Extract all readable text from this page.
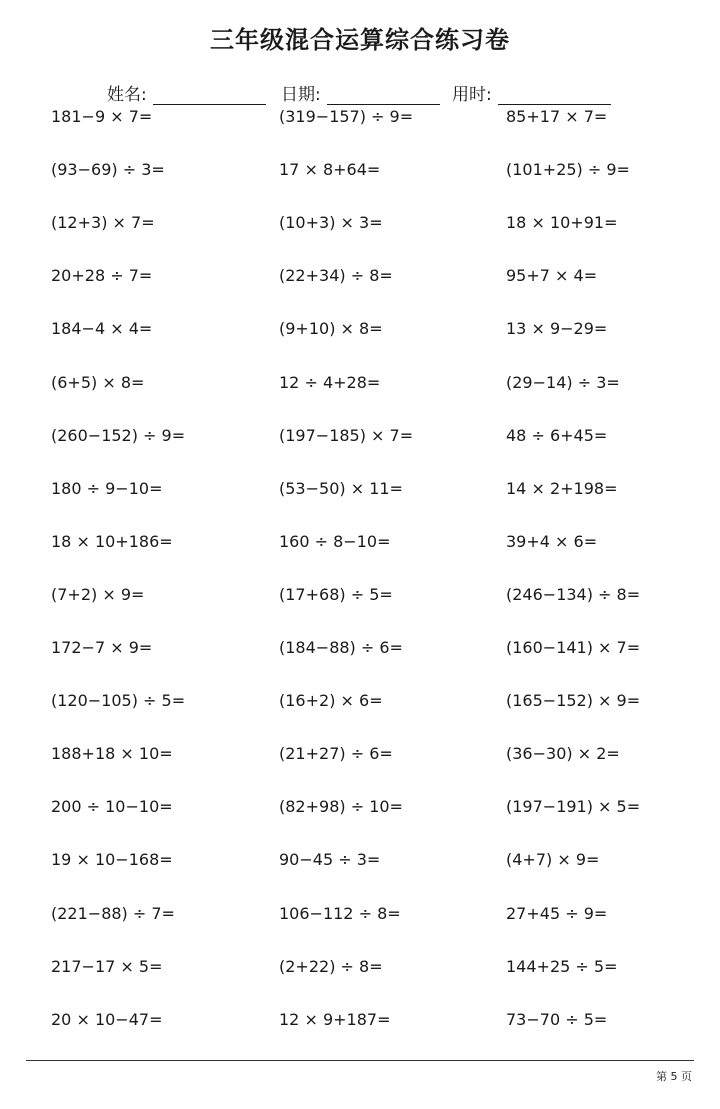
三年级混合运算综合练习卷
姓名:	日期:	用时:
181−9 × 7=	(319−157) ÷ 9=	85+17 × 7=
(93−69) ÷ 3=	17 × 8+64=	(101+25) ÷ 9=
(12+3) × 7=	(10+3) × 3=	18 × 10+91=
20+28 ÷ 7=	(22+34) ÷ 8=	95+7 × 4=
184−4 × 4=	(9+10) × 8=	13 × 9−29=
(6+5) × 8=	12 ÷ 4+28=	(29−14) ÷ 3=
(260−152) ÷ 9=	(197−185) × 7=	48 ÷ 6+45=
180 ÷ 9−10=	(53−50) × 11=	14 × 2+198=
18 × 10+186=	160 ÷ 8−10=	39+4 × 6=
(7+2) × 9=	(17+68) ÷ 5=	(246−134) ÷ 8=
172−7 × 9=	(184−88) ÷ 6=	(160−141) × 7=
(120−105) ÷ 5=	(16+2) × 6=	(165−152) × 9=
188+18 × 10=	(21+27) ÷ 6=	(36−30) × 2=
200 ÷ 10−10=	(82+98) ÷ 10=	(197−191) × 5=
19 × 10−168=	90−45 ÷ 3=	(4+7) × 9=
(221−88) ÷ 7=	106−112 ÷ 8=	27+45 ÷ 9=
217−17 × 5=	(2+22) ÷ 8=	144+25 ÷ 5=
20 × 10−47=	12 × 9+187=	73−70 ÷ 5=
第 5 页
